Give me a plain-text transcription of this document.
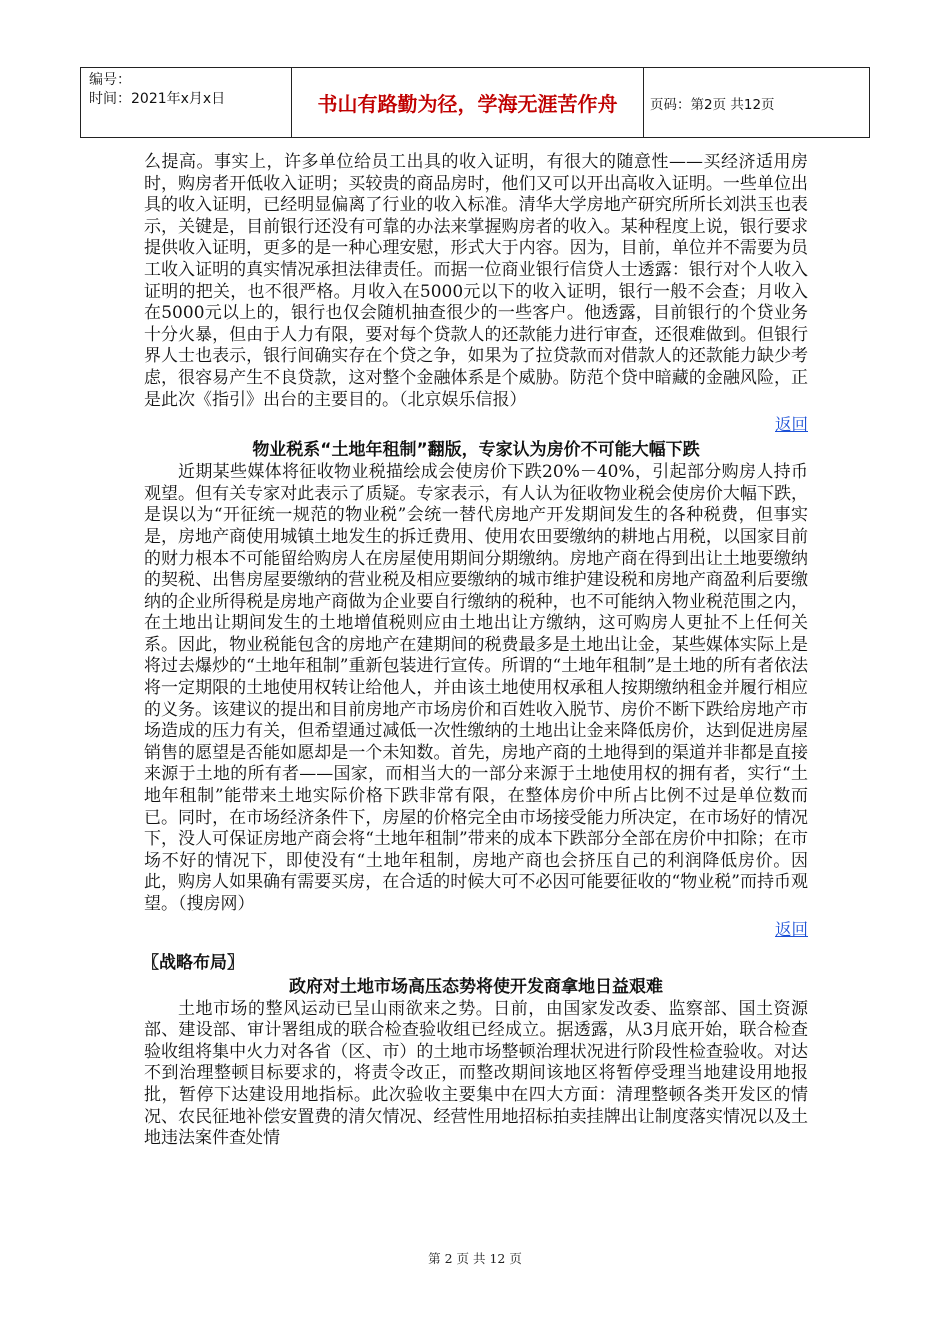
编号：
时间：2021年x月x日	书山有路勤为径，学海无涯苦作舟	页码：第2页 共12页

么提高。事实上，许多单位给员工出具的收入证明，有很大的随意性——买经济适用房时，购房者开低收入证明；买较贵的商品房时，他们又可以开出高收入证明。一些单位出具的收入证明，已经明显偏离了行业的收入标准。清华大学房地产研究所所长刘洪玉也表示，关键是，目前银行还没有可靠的办法来掌握购房者的收入。某种程度上说，银行要求提供收入证明，更多的是一种心理安慰，形式大于内容。因为，目前，单位并不需要为员工收入证明的真实情况承担法律责任。而据一位商业银行信贷人士透露：银行对个人收入证明的把关，也不很严格。月收入在5000元以下的收入证明，银行一般不会查；月收入在5000元以上的，银行也仅会随机抽查很少的一些客户。他透露，目前银行的个贷业务十分火暴，但由于人力有限，要对每个贷款人的还款能力进行审查，还很难做到。但银行界人士也表示，银行间确实存在个贷之争，如果为了拉贷款而对借款人的还款能力缺少考虑，很容易产生不良贷款，这对整个金融体系是个威胁。防范个贷中暗藏的金融风险，正是此次《指引》出台的主要目的。（北京娱乐信报）

返回
物业税系“土地年租制”翻版，专家认为房价不可能大幅下跌

近期某些媒体将征收物业税描绘成会使房价下跌20%－40%，引起部分购房人持币观望。但有关专家对此表示了质疑。专家表示，有人认为征收物业税会使房价大幅下跌，是误以为“开征统一规范的物业税”会统一替代房地产开发期间发生的各种税费，但事实是，房地产商使用城镇土地发生的拆迁费用、使用农田要缴纳的耕地占用税，以国家目前的财力根本不可能留给购房人在房屋使用期间分期缴纳。房地产商在得到出让土地要缴纳的契税、出售房屋要缴纳的营业税及相应要缴纳的城市维护建设税和房地产商盈利后要缴纳的企业所得税是房地产商做为企业要自行缴纳的税种，也不可能纳入物业税范围之内，在土地出让期间发生的土地增值税则应由土地出让方缴纳，这可购房人更扯不上任何关系。因此，物业税能包含的房地产在建期间的税费最多是土地出让金，某些媒体实际上是将过去爆炒的“土地年租制”重新包装进行宣传。所谓的“土地年租制”是土地的所有者依法将一定期限的土地使用权转让给他人，并由该土地使用权承租人按期缴纳租金并履行相应的义务。该建议的提出和目前房地产市场房价和百姓收入脱节、房价不断下跌给房地产市场造成的压力有关，但希望通过减低一次性缴纳的土地出让金来降低房价，达到促进房屋销售的愿望是否能如愿却是一个未知数。首先，房地产商的土地得到的渠道并非都是直接来源于土地的所有者——国家，而相当大的一部分来源于土地使用权的拥有者，实行“土地年租制”能带来土地实际价格下跌非常有限，在整体房价中所占比例不过是单位数而已。同时，在市场经济条件下，房屋的价格完全由市场接受能力所决定，在市场好的情况下，没人可保证房地产商会将“土地年租制”带来的成本下跌部分全部在房价中扣除；在市场不好的情况下，即使没有“土地年租制，房地产商也会挤压自己的利润降低房价。因此，购房人如果确有需要买房，在合适的时候大可不必因可能要征收的“物业税”而持币观望。（搜房网）

返回
〖战略布局〗
政府对土地市场高压态势将使开发商拿地日益艰难

土地市场的整风运动已呈山雨欲来之势。日前，由国家发改委、监察部、国土资源部、建设部、审计署组成的联合检查验收组已经成立。据透露，从3月底开始，联合检查验收组将集中火力对各省（区、市）的土地市场整顿治理状况进行阶段性检查验收。对达不到治理整顿目标要求的，将责令改正，而整改期间该地区将暂停受理当地建设用地报批，暂停下达建设用地指标。此次验收主要集中在四大方面：清理整顿各类开发区的情况、农民征地补偿安置费的清欠情况、经营性用地招标拍卖挂牌出让制度落实情况以及土地违法案件查处情

第 2 页 共 12 页
